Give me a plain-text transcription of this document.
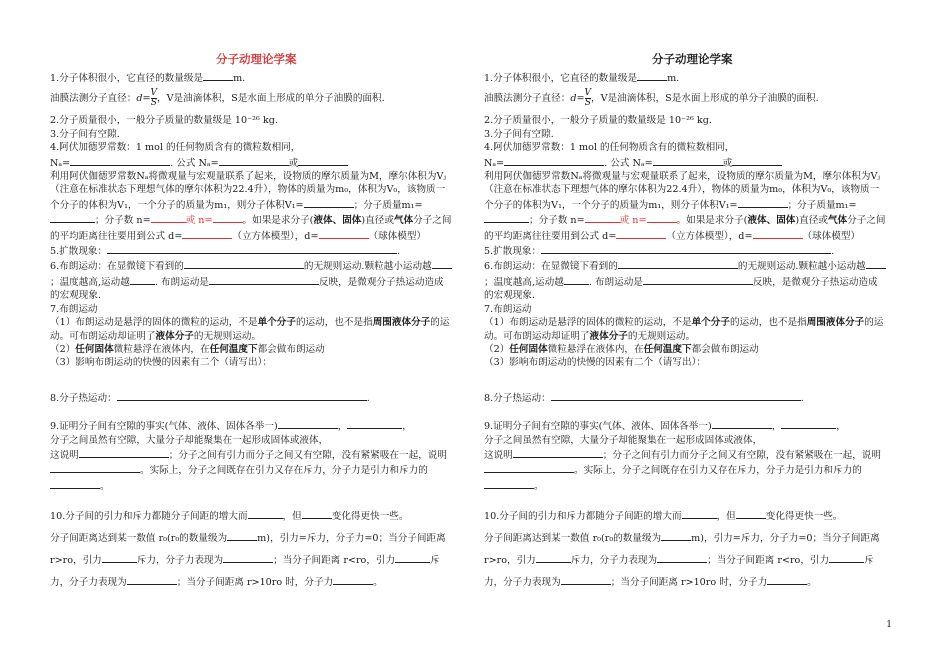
分子动理论学案	分子动理论学案

1.分子体积很小，它直径的数量级是	m.

油膜法测分子直径：$d= \frac{V}{S}$ ，V是油滴体积，S是水面上形成的单分子油膜的面积.

2.分子质量很小，一般分子质量的数量级是 10⁻²⁶ kg.

3.分子间有空隙.

4.阿伏加德罗常数：1 mol 的任何物质含有的微粒数相同，

Nₐ=	. 公式 Nₐ=	或

利用阿伏伽德罗常数Nₐ将微观量与宏观量联系了起来，设物质的摩尔质量为M，摩尔体积为Vⱼ（注意在标准状态下理想气体的摩尔体积为22.4升），物体的质量为m₀，体积为V₀，该物质一个分子的体积为V₁，一个分子的质量为m₁，则分子体积V₁=	；分子质量m₁=；分子数 n=	或 n=	。如果是求分子(液体、固体)直径或气体分子之间的平均距离往往要用到公式 d=	（立方体模型），d=	（球体模型）

5.扩散现象：	.

6.布朗运动：在显微镜下看到的	的无规则运动.颗粒越小运动越；温度越高,运动越	. 布朗运动是	反映，是微观分子热运动造成的宏观现象.

7.布朗运动

（1）布朗运动是悬浮的固体的微粒的运动，不是单个分子的运动，也不是指周围液体分子的运动。可布朗运动却证明了液体分子的无规则运动。

（2）任何固体微粒悬浮在液体内，在任何温度下都会做布朗运动

（3）影响布朗运动的快慢的因素有二个（请写出）：

8.分子热运动：	.

9.证明分子间有空隙的事实(气体、液体、固体各举一)	，	，

分子之间虽然有空隙，大量分子却能聚集在一起形成固体或液体，

这说明	；分子之间有引力而分子之间又有空隙，没有紧紧吸在一起，说明。实际上，分子之间既存在引力又存在斥力，分子力是引力和斥力的。

10.分子间的引力和斥力都随分子间距的增大而	，但	变化得更快一些。
分子间距离达到某一数值 r₀(r₀的数量级为	m)，引力=斥力，分子力=0；当分子间距离 r>ro，引力	斥力，分子力表现为	；当分子间距离 r<ro，引力	斥力，分子力表现为	；当分子间距离 r>10ro 时，分子力	。

1.分子体积很小，它直径的数量级是	m.

油膜法测分子直径：$d= \frac{V}{S}$ ，V是油滴体积，S是水面上形成的单分子油膜的面积.

2.分子质量很小，一般分子质量的数量级是 10⁻²⁶ kg.

3.分子间有空隙.

4.阿伏加德罗常数：1 mol 的任何物质含有的微粒数相同，

Nₐ=	. 公式 Nₐ=	或

利用阿伏伽德罗常数Nₐ将微观量与宏观量联系了起来，设物质的摩尔质量为M，摩尔体积为Vⱼ（注意在标准状态下理想气体的摩尔体积为22.4升），物体的质量为m₀，体积为V₀，该物质一个分子的体积为V₁，一个分子的质量为m₁，则分子体积V₁=	；分子质量m₁=；分子数 n=	或 n=	。如果是求分子(液体、固体)直径或气体分子之间的平均距离往往要用到公式 d=	（立方体模型），d=	（球体模型）

5.扩散现象：	.

6.布朗运动：在显微镜下看到的	的无规则运动.颗粒越小运动越；温度越高,运动越	. 布朗运动是	反映，是微观分子热运动造成的宏观现象.

7.布朗运动

（1）布朗运动是悬浮的固体的微粒的运动，不是单个分子的运动，也不是指周围液体分子的运动。可布朗运动却证明了液体分子的无规则运动。

（2）任何固体微粒悬浮在液体内，在任何温度下都会做布朗运动

（3）影响布朗运动的快慢的因素有二个（请写出）：

8.分子热运动：	.

9.证明分子间有空隙的事实(气体、液体、固体各举一)	，	，

分子之间虽然有空隙，大量分子却能聚集在一起形成固体或液体，

这说明	；分子之间有引力而分子之间又有空隙，没有紧紧吸在一起，说明。实际上，分子之间既存在引力又存在斥力，分子力是引力和斥力的。

10.分子间的引力和斥力都随分子间距的增大而	，但	变化得更快一些。
分子间距离达到某一数值 r₀(r₀的数量级为	m)，引力=斥力，分子力=0；当分子间距离 r>ro，引力	斥力，分子力表现为	；当分子间距离 r<ro，引力	斥力，分子力表现为	；当分子间距离 r>10ro 时，分子力	。

1
